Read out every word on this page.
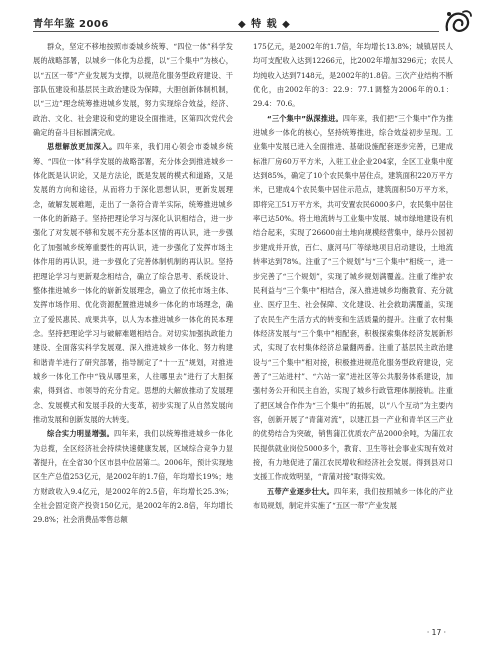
青年年鉴 2006	◆ 特 载 ◆

群众，坚定不移地按照市委城乡统筹、“四位一体”科学发展的战略部署，以城乡一体化为总揽，以“三个集中”为核心，以“五区一带”产业发展为支撑，以规范化服务型政府建设、干部队伍建设和基层民主政治建设为保障，大胆创新体制机制，以“三边”理念统筹推进城乡发展，努力实现综合效益，经济、政治、文化、社会建设和党的建设全面推进，区第四次党代会确定的奋斗目标圆满完成。

思想解放更加深入。四年来，我们用心领会市委城乡统筹、“四位一体”科学发展的战略部署，充分体会到推进城乡一体化既是认识论，又是方法论，既是发展的模式和道路，又是发展的方向和途径，从而将力于深化思想认识，更新发展理念，破解发展难题，走出了一条符合青羊实际，统筹推进城乡一体化的新路子。坚持把理论学习与深化认识相结合，进一步强化了对发展不够和发展不充分基本区情的再认识，进一步强化了加强城乡统筹重要性的再认识，进一步强化了发挥市场主体作用的再认识，进一步强化了完善体制机制的再认识。坚持把理论学习与更新观念相结合，确立了综合思考、系统设计、整体推进城乡一体化的崭新发展理念，确立了依托市场主体、发挥市场作用、优化资源配置推进城乡一体化的市场理念，确立了爱民惠民、成果共享，以人为本推进城乡一体化的民本理念。坚持把理论学习与破解难题相结合。对切实加强执政能力建设、全面落实科学发展观、深入推进城乡一体化、努力构建和谐青羊进行了研究部署，指导制定了“十一五”规划，对推进城乡一体化工作中“钱从哪里来，人往哪里去”进行了大胆探索，得到省、市领导的充分肯定。思想的大解放推动了发展理念、发展模式和发展手段的大变革，初步实现了从自然发展向推动发展和创新发展的大转变。

综合实力明显增强。四年来，我们以统筹推进城乡一体化为总揽，全区经济社会持续快速健康发展，区域综合竞争力显著提升，在全省30个区市县中位居第二。2006年，预计实现地区生产总值253亿元，是2002年的1.7倍，年均增长19%；地方财政收入9.4亿元，是2002年的2.5倍，年均增长25.3%；全社会固定资产投资150亿元，是2002年的2.8倍，年均增长29.8%；社会消费品零售总额

175亿元，是2002年的1.7倍，年均增长13.8%；城镇居民人均可支配收入达到12266元，比2002年增加3296元；农民人均纯收入达到7148元，是2002年的1.8倍。三次产业结构不断优化，由2002年的3：22.9：77.1调整为2006年的0.1：29.4：70.6。

“三个集中”纵深推进。四年来，我们把“三个集中”作为推进城乡一体化的核心，坚持统筹推进，综合效益初步呈现。工业集中发展已进入全面推进、基础设施配套逐步完善，已建成标准厂房60万平方米，入驻工业企业204家，全区工业集中度达到85%，确定了10个农民集中居住点，建筑面积220万平方米，已建成4个农民集中居住示范点，建筑面积50万平方米，即将完工51万平方米，共可安置农民6000多户，农民集中居住率已达50%。将土地流转与工业集中发展、城市绿地建设有机结合起来，实现了26600亩土地向规模经营集中，绿丹公园初步建成并开放，百仁、康河马厂等绿地项目启动建设，土地流转率达到78%。注重了“三个规划”与“三个集中”相统一，进一步完善了“三个规划”，实现了城乡规划满覆盖。注重了维护农民利益与“三个集中”相结合，深入推进城乡均衡教育、充分就业、医疗卫生、社会保障、文化建设、社会救助满覆盖，实现了农民生产生活方式的转变和生活质量的提升。注重了农村集体经济发展与“三个集中”相配套，积极探索集体经济发展新形式，实现了农村集体经济总量翻两番。注重了基层民主政治建设与“三个集中”相对接，积极推进规范化服务型政府建设，完善了“三站进村”、“六站一家”进社区等公共服务体系建设，加强村务公开和民主自治，实现了城乡行政管理体制接轨。注重了把区域合作作为“三个集中”的拓展，以“八个互动”为主要内容，创新开展了“青蒲对流”，以建江县一产业和青羊区三产业的优势结合为突破，销售蒲江优质农产品2000余吨，为蒲江农民提供就业岗位5000多个，教育、卫生等社会事业实现有效对接，有力地促进了蒲江农民增收和经济社会发展。得到县对口支援工作成效明显，“青蒲对接”取得实效。

五带产业逐步壮大。四年来，我们按照城乡一体化的产业布局规划，制定并实施了“五区一带”产业发展

· 17 ·
